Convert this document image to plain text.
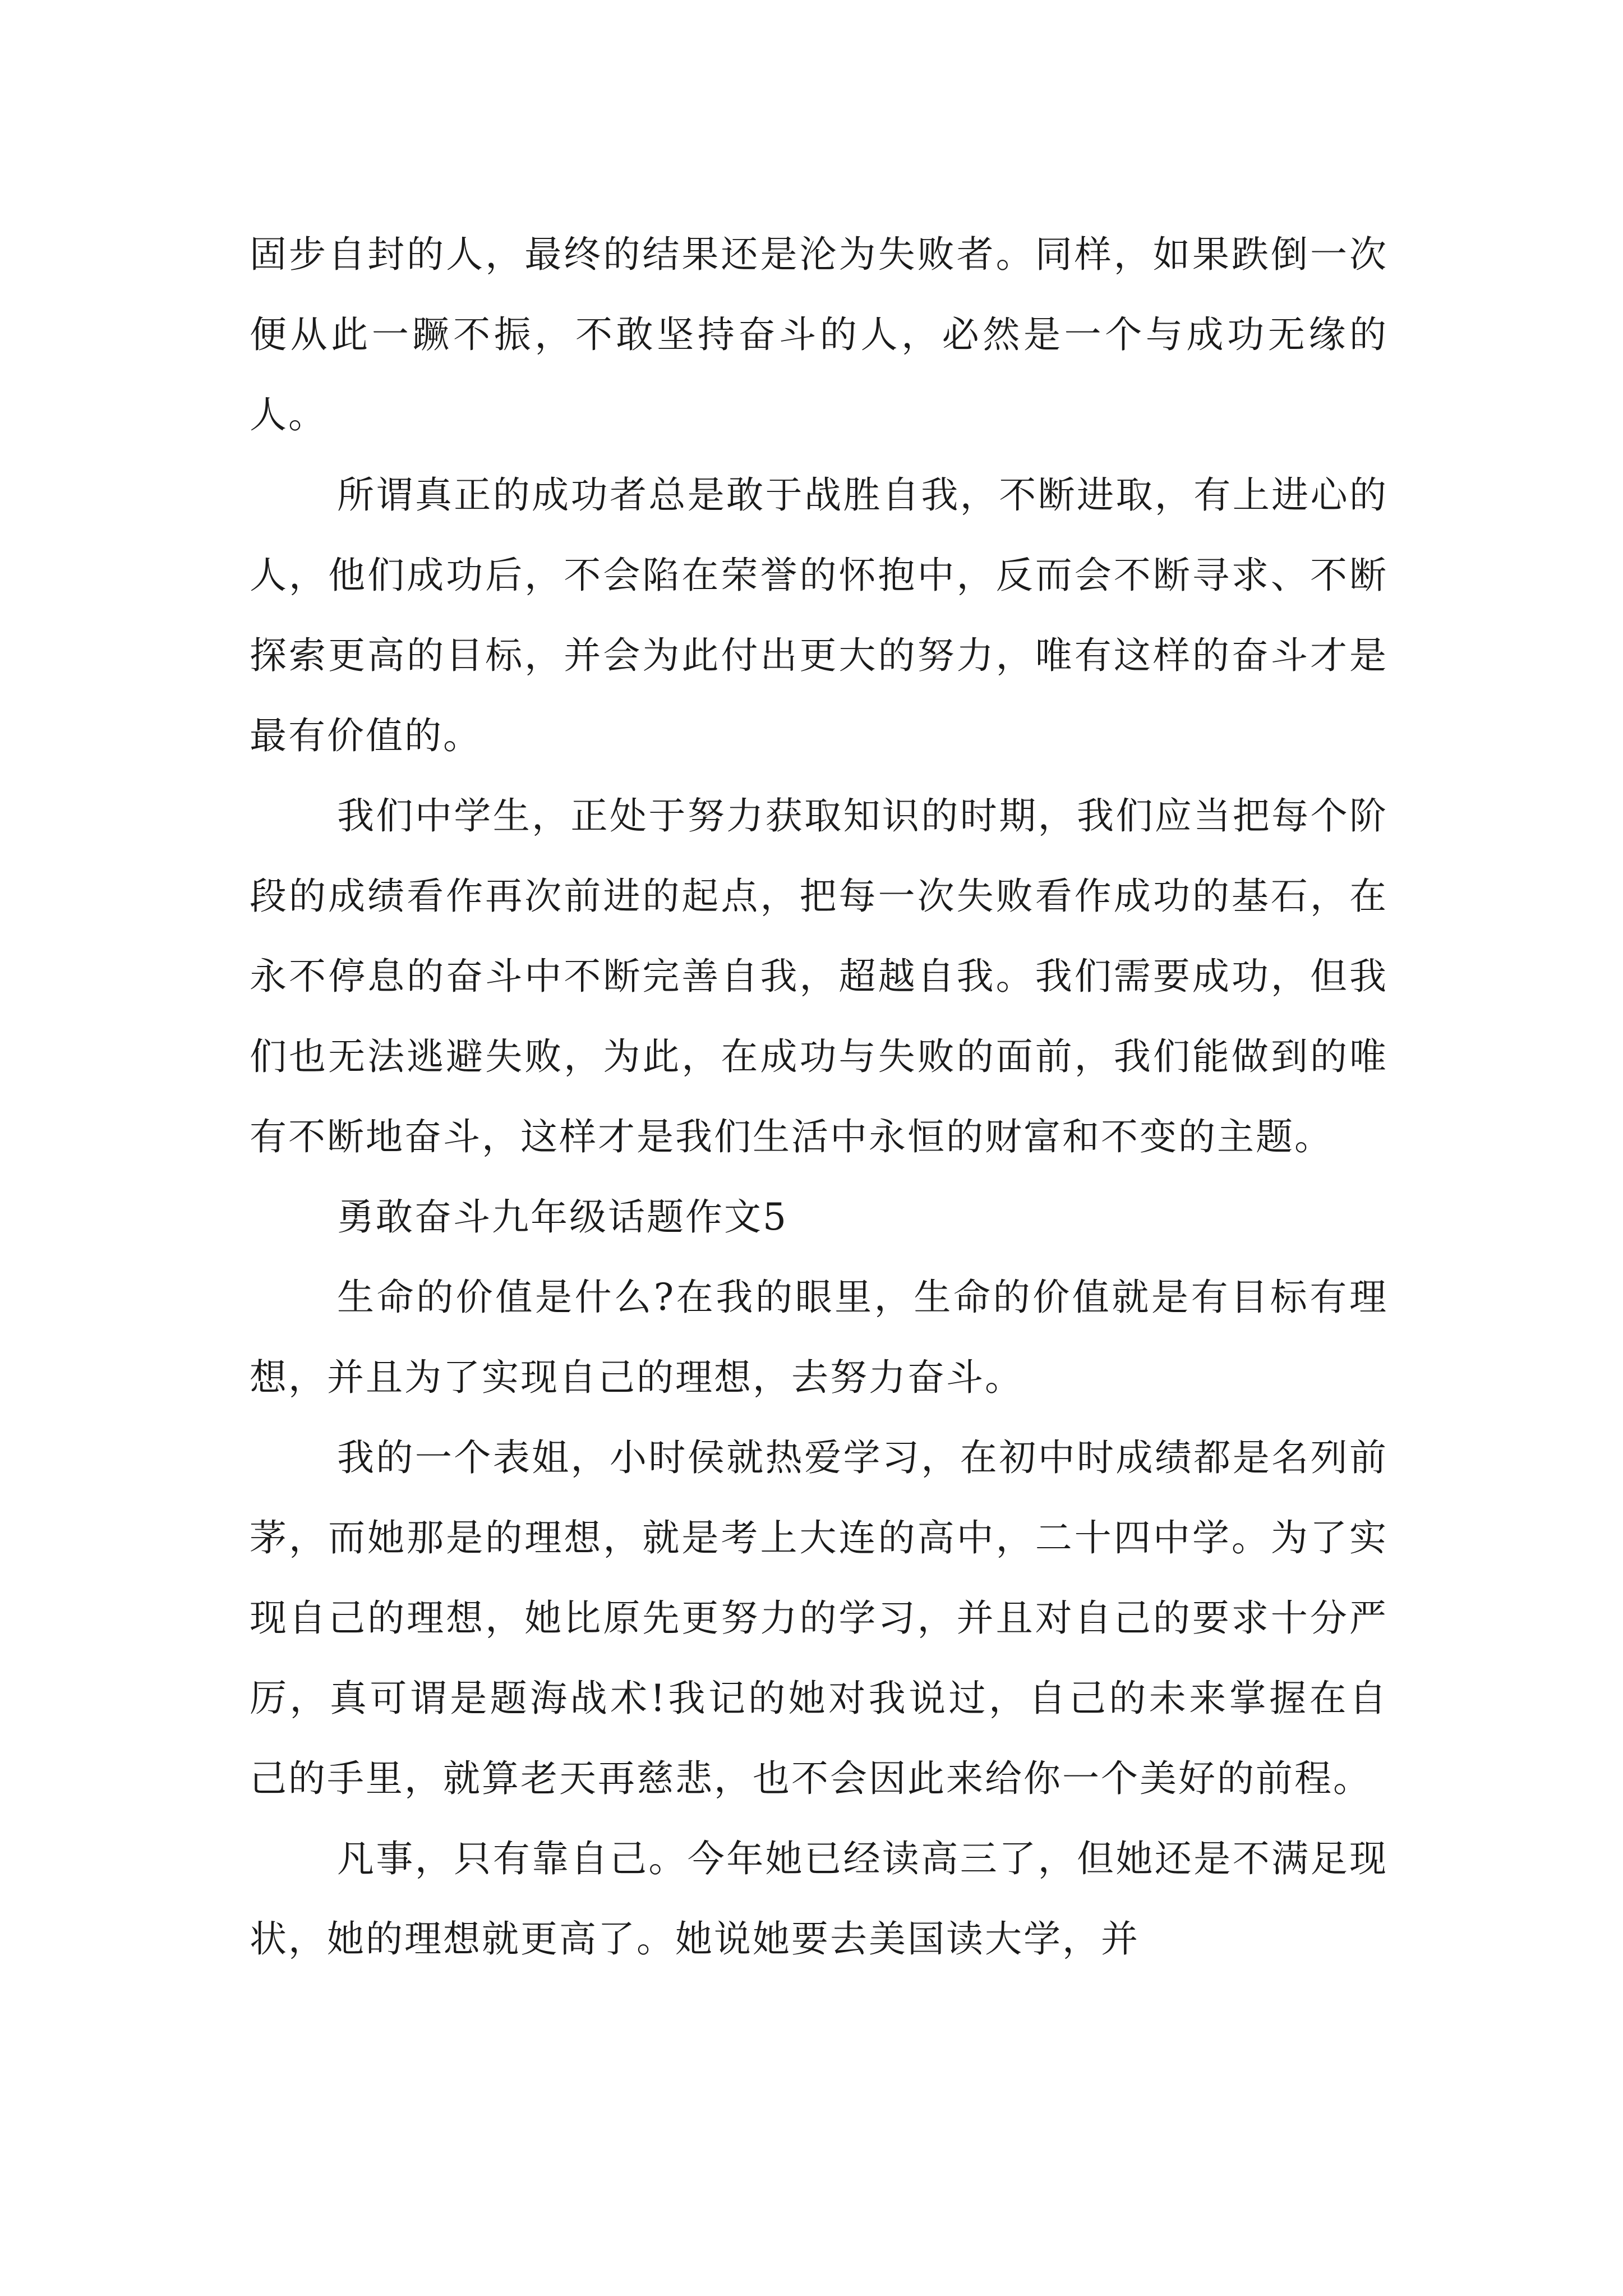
固步自封的人，最终的结果还是沦为失败者。同样，如果跌倒一次便从此一蹶不振，不敢坚持奋斗的人，必然是一个与成功无缘的人。

所谓真正的成功者总是敢于战胜自我，不断进取，有上进心的人，他们成功后，不会陷在荣誉的怀抱中，反而会不断寻求、不断探索更高的目标，并会为此付出更大的努力，唯有这样的奋斗才是最有价值的。

我们中学生，正处于努力获取知识的时期，我们应当把每个阶段的成绩看作再次前进的起点，把每一次失败看作成功的基石，在永不停息的奋斗中不断完善自我，超越自我。我们需要成功，但我们也无法逃避失败，为此，在成功与失败的面前，我们能做到的唯有不断地奋斗，这样才是我们生活中永恒的财富和不变的主题。

勇敢奋斗九年级话题作文5

生命的价值是什么?在我的眼里，生命的价值就是有目标有理想，并且为了实现自己的理想，去努力奋斗。

我的一个表姐，小时侯就热爱学习，在初中时成绩都是名列前茅，而她那是的理想，就是考上大连的高中，二十四中学。为了实现自己的理想，她比原先更努力的学习，并且对自己的要求十分严厉，真可谓是题海战术!我记的她对我说过，自己的未来掌握在自己的手里，就算老天再慈悲，也不会因此来给你一个美好的前程。

凡事，只有靠自己。今年她已经读高三了，但她还是不满足现状，她的理想就更高了。她说她要去美国读大学，并
